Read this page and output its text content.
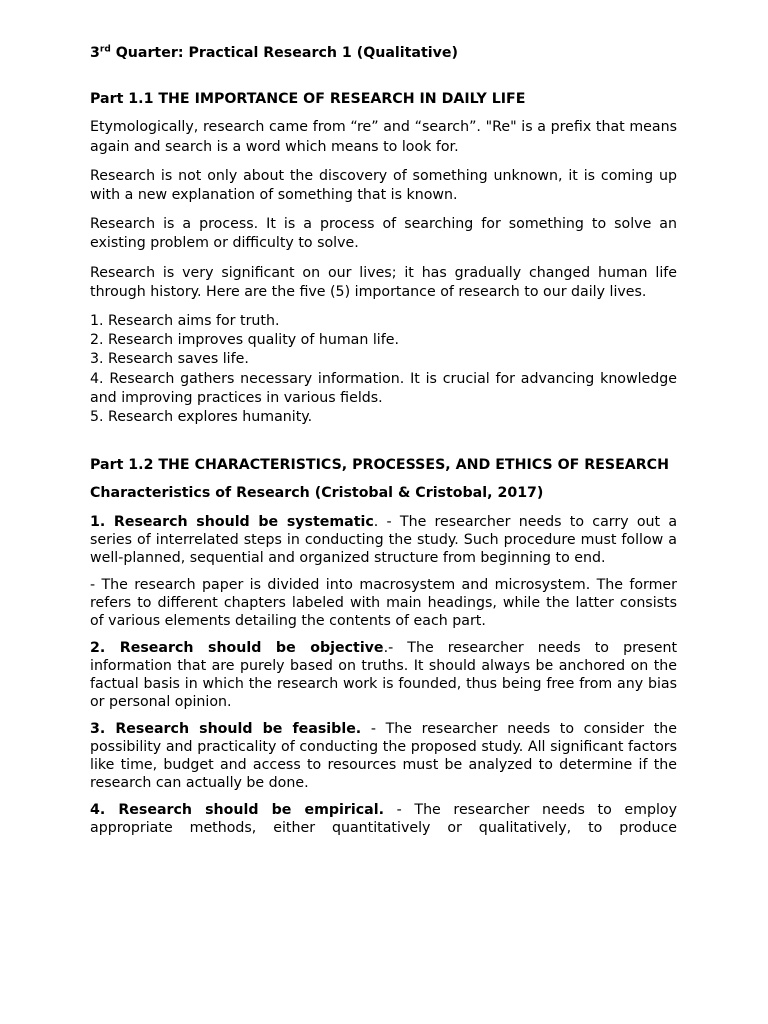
3rd Quarter: Practical Research 1 (Qualitative)
Part 1.1 THE IMPORTANCE OF RESEARCH IN DAILY LIFE

Etymologically, research came from “re” and “search”. "Re" is a prefix that means again and search is a word which means to look for.

Research is not only about the discovery of something unknown, it is coming up with a new explanation of something that is known.

Research is a process. It is a process of searching for something to solve an existing problem or difficulty to solve.

Research is very significant on our lives; it has gradually changed human life through history. Here are the five (5) importance of research to our daily lives.

1. Research aims for truth.
2. Research improves quality of human life.
3. Research saves life.
4. Research gathers necessary information. It is crucial for advancing knowledge and improving practices in various fields.
5. Research explores humanity.
Part 1.2 THE CHARACTERISTICS, PROCESSES, AND ETHICS OF RESEARCH
Characteristics of Research (Cristobal & Cristobal, 2017)

1. Research should be systematic. - The researcher needs to carry out a series of interrelated steps in conducting the study. Such procedure must follow a well-planned, sequential and organized structure from beginning to end.

- The research paper is divided into macrosystem and microsystem. The former refers to different chapters labeled with main headings, while the latter consists of various elements detailing the contents of each part.

2. Research should be objective.- The researcher needs to present information that are purely based on truths. It should always be anchored on the factual basis in which the research work is founded, thus being free from any bias or personal opinion.

3. Research should be feasible. - The researcher needs to consider the possibility and practicality of conducting the proposed study. All significant factors like time, budget and access to resources must be analyzed to determine if the research can actually be done.

4. Research should be empirical. - The researcher needs to employ appropriate methods, either quantitatively or qualitatively, to produce
